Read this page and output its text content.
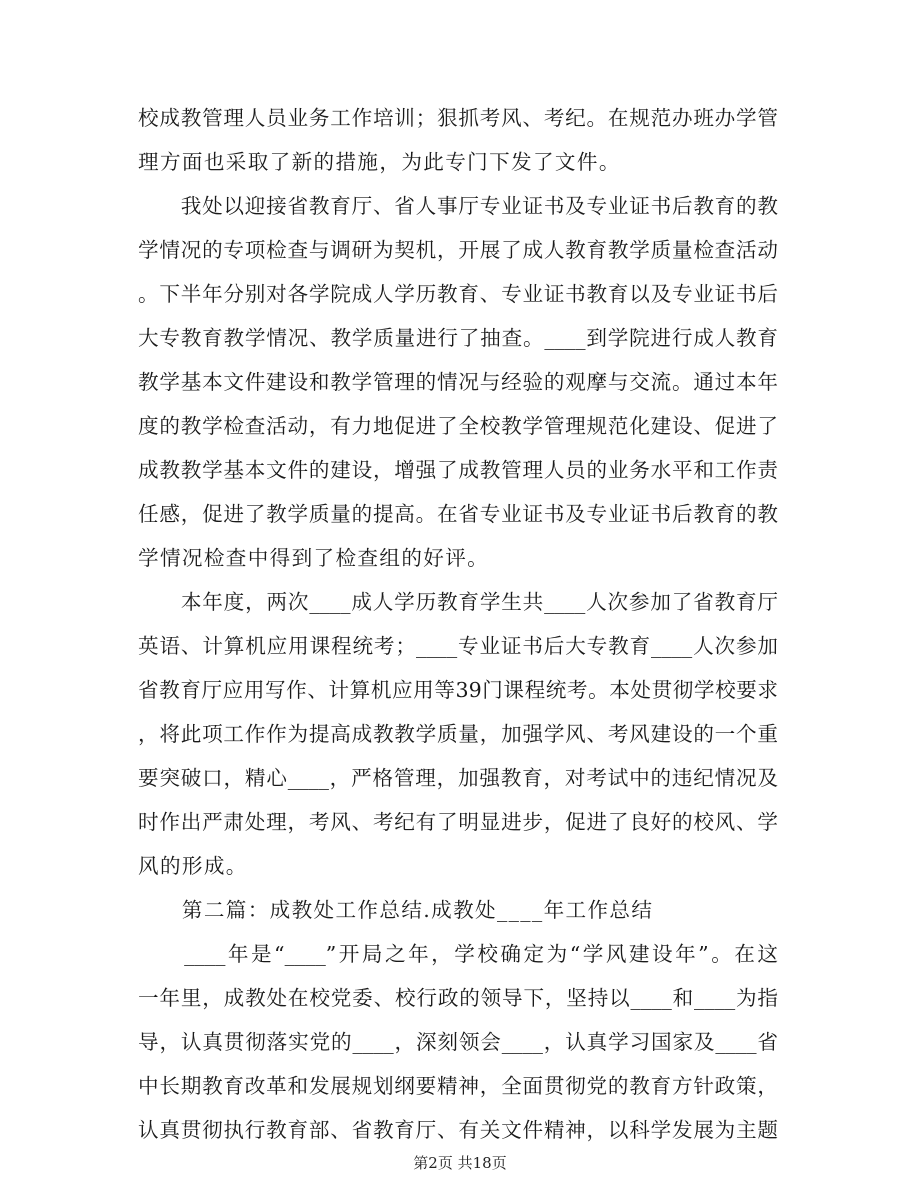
校成教管理人员业务工作培训；狠抓考风、考纪。在规范办班办学管
理方面也采取了新的措施，为此专门下发了文件。
　　我处以迎接省教育厅、省人事厅专业证书及专业证书后教育的教
学情况的专项检查与调研为契机，开展了成人教育教学质量检查活动
。下半年分别对各学院成人学历教育、专业证书教育以及专业证书后
大专教育教学情况、教学质量进行了抽查。____到学院进行成人教育
教学基本文件建设和教学管理的情况与经验的观摩与交流。通过本年
度的教学检查活动，有力地促进了全校教学管理规范化建设、促进了
成教教学基本文件的建设，增强了成教管理人员的业务水平和工作责
任感，促进了教学质量的提高。在省专业证书及专业证书后教育的教
学情况检查中得到了检查组的好评。
　　本年度，两次____成人学历教育学生共____人次参加了省教育厅
英语、计算机应用课程统考；____专业证书后大专教育____人次参加
省教育厅应用写作、计算机应用等39门课程统考。本处贯彻学校要求
，将此项工作作为提高成教教学质量，加强学风、考风建设的一个重
要突破口，精心____，严格管理，加强教育，对考试中的违纪情况及
时作出严肃处理，考风、考纪有了明显进步，促进了良好的校风、学
风的形成。
　　第二篇：成教处工作总结.成教处____年工作总结
　　____年是“____”开局之年，学校确定为“学风建设年”。在这
一年里，成教处在校党委、校行政的领导下，坚持以____和____为指
导，认真贯彻落实党的____，深刻领会____，认真学习国家及____省
中长期教育改革和发展规划纲要精神，全面贯彻党的教育方针政策，
认真贯彻执行教育部、省教育厅、有关文件精神，以科学发展为主题
第2页 共18页
